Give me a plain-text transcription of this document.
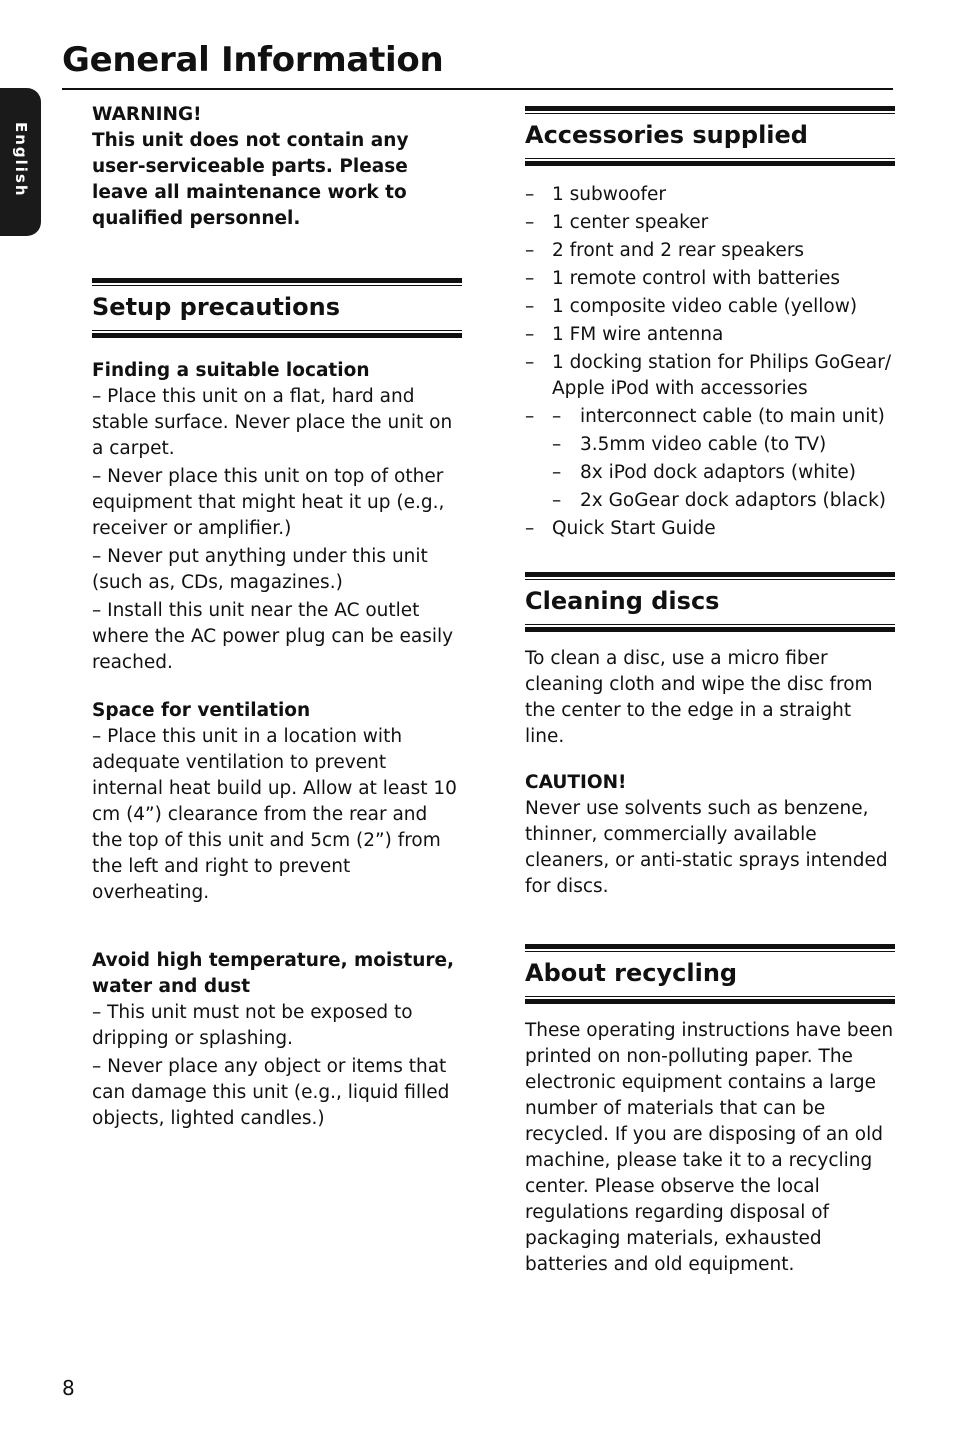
General Information
English

WARNING!

This unit does not contain any user-serviceable parts. Please leave all maintenance work to qualified personnel.

Setup precautions

Finding a suitable location

– Place this unit on a flat, hard and stable surface. Never place the unit on a carpet.

– Never place this unit on top of other equipment that might heat it up (e.g., receiver or amplifier.)

– Never put anything under this unit (such as, CDs, magazines.)

– Install this unit near the AC outlet where the AC power plug can be easily reached.

Space for ventilation

– Place this unit in a location with adequate ventilation to prevent internal heat build up. Allow at least 10 cm (4”) clearance from the rear and the top of this unit and 5cm (2”) from the left and right to prevent overheating.

Avoid high temperature, moisture, water and dust

– This unit must not be exposed to dripping or splashing.

– Never place any object or items that can damage this unit (e.g., liquid filled objects, lighted candles.)

Accessories supplied
– 1 subwoofer
– 1 center speaker
– 2 front and 2 rear speakers
– 1 remote control with batteries
– 1 composite video cable (yellow)
– 1 FM wire antenna
– 1 docking station for Philips GoGear/ Apple iPod with accessories
– – interconnect cable (to main unit)
– 3.5mm video cable (to TV)
– 8x iPod dock adaptors (white)
– 2x GoGear dock adaptors (black)
– Quick Start Guide
Cleaning discs

To clean a disc, use a micro fiber cleaning cloth and wipe the disc from the center to the edge in a straight line.

CAUTION!

Never use solvents such as benzene, thinner, commercially available cleaners, or anti-static sprays intended for discs.

About recycling

These operating instructions have been printed on non-polluting paper. The electronic equipment contains a large number of materials that can be recycled. If you are disposing of an old machine, please take it to a recycling center. Please observe the local regulations regarding disposal of packaging materials, exhausted batteries and old equipment.

8
